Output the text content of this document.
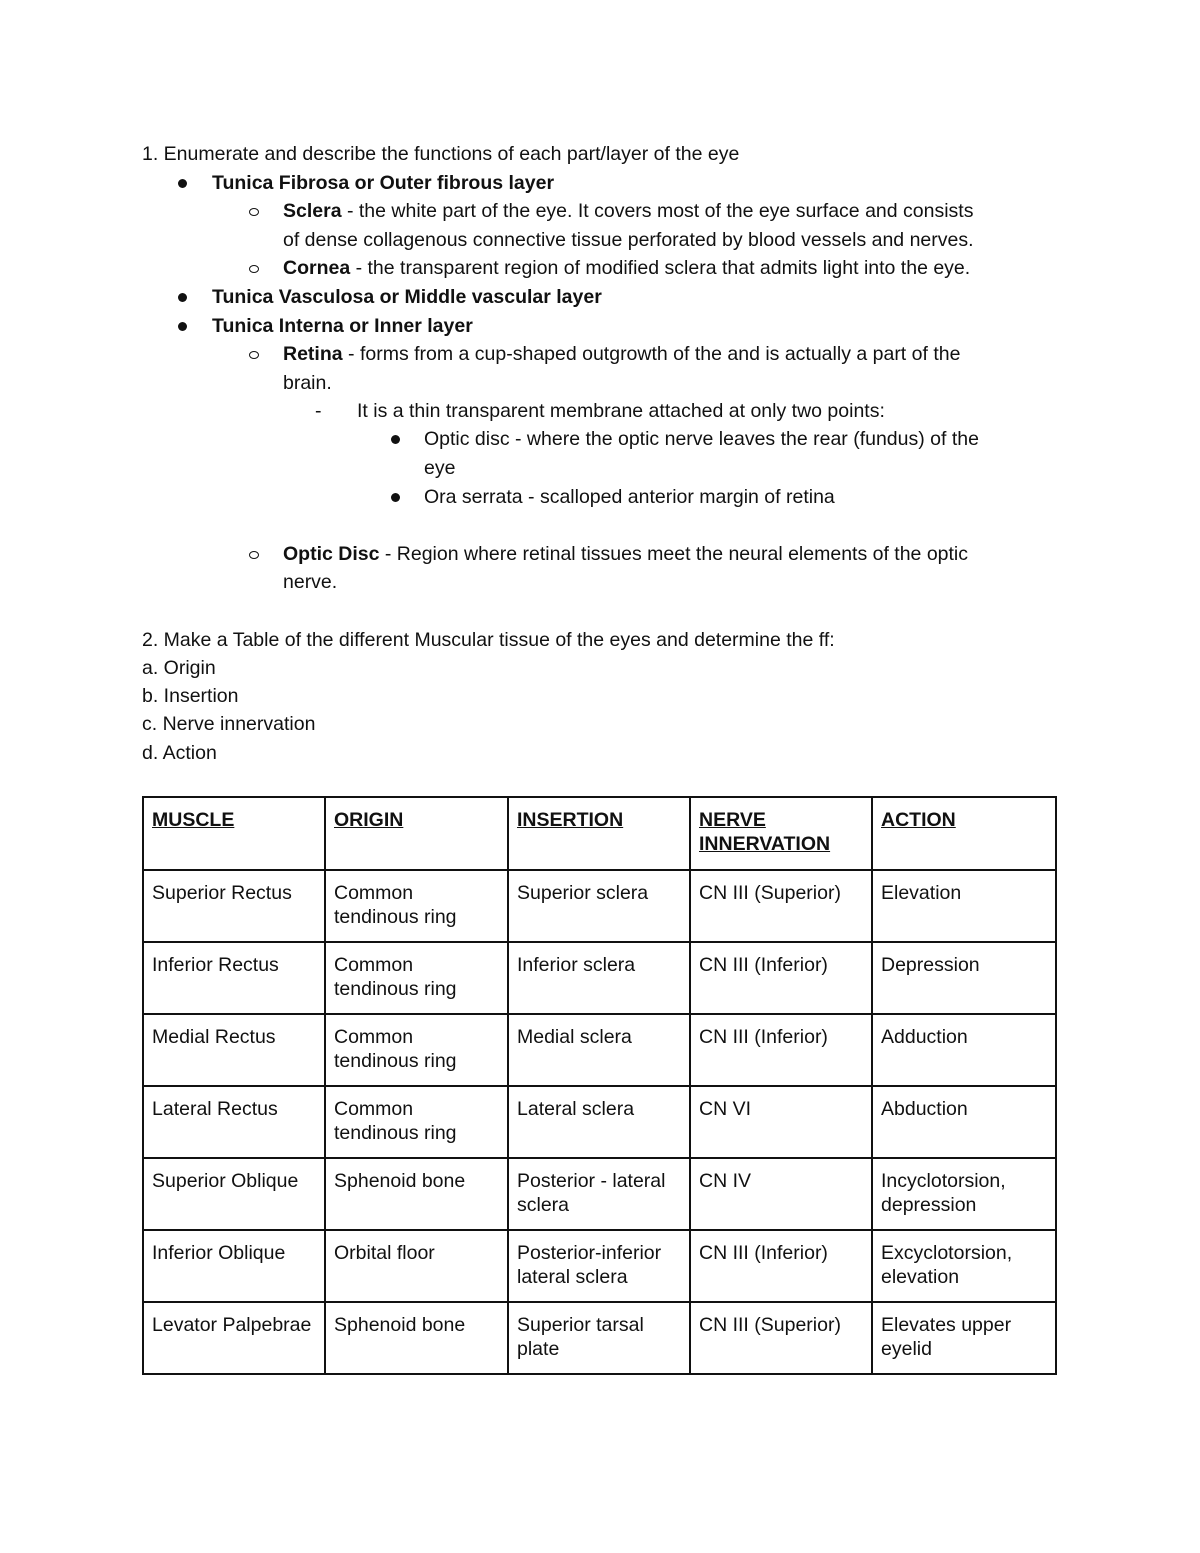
1. Enumerate and describe the functions of each part/layer of the eye
Tunica Fibrosa or Outer fibrous layer
Sclera - the white part of the eye. It covers most of the eye surface and consists
of dense collagenous connective tissue perforated by blood vessels and nerves.
Cornea - the transparent region of modified sclera that admits light into the eye.
Tunica Vasculosa or Middle vascular layer
Tunica Interna or Inner layer
Retina - forms from a cup-shaped outgrowth of the and is actually a part of the
brain.
- It is a thin transparent membrane attached at only two points:
Optic disc - where the optic nerve leaves the rear (fundus) of the
eye
Ora serrata - scalloped anterior margin of retina
Optic Disc - Region where retinal tissues meet the neural elements of the optic
nerve.
2. Make a Table of the different Muscular tissue of the eyes and determine the ff:
a. Origin
b. Insertion
c. Nerve innervation
d. Action
MUSCLE	ORIGIN	INSERTION	NERVE INNERVATION	ACTION
Superior Rectus	Common tendinous ring	Superior sclera	CN III (Superior)	Elevation
Inferior Rectus	Common tendinous ring	Inferior sclera	CN III (Inferior)	Depression
Medial Rectus	Common tendinous ring	Medial sclera	CN III (Inferior)	Adduction
Lateral Rectus	Common tendinous ring	Lateral sclera	CN VI	Abduction
Superior Oblique	Sphenoid bone	Posterior - lateral sclera	CN IV	Incyclotorsion, depression
Inferior Oblique	Orbital floor	Posterior-inferior lateral sclera	CN III (Inferior)	Excyclotorsion, elevation
Levator Palpebrae	Sphenoid bone	Superior tarsal plate	CN III (Superior)	Elevates upper eyelid
